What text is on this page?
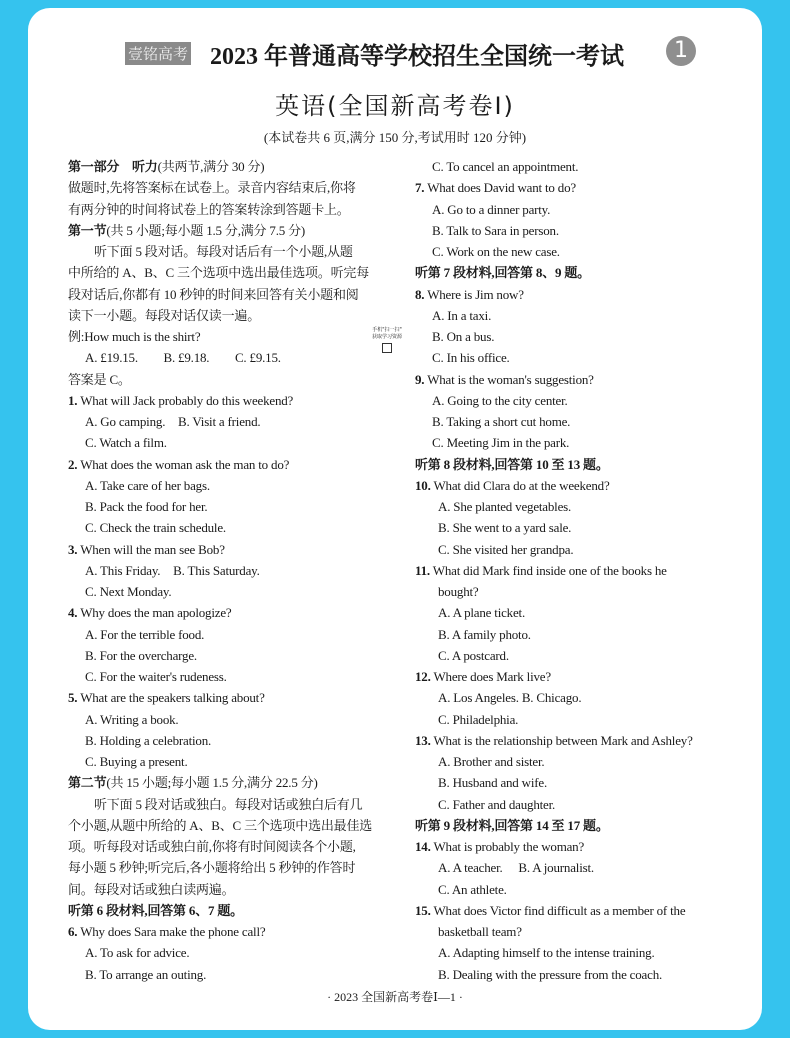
壹铭高考 2023 年普通高等学校招生全国统一考试	1
英语(全国新高考卷Ⅰ)
(本试卷共 6 页,满分 150 分,考试用时 120 分钟)
第一部分　听力(共两节,满分 30 分)
做题时,先将答案标在试卷上。录音内容结束后,你将
有两分钟的时间将试卷上的答案转涂到答题卡上。
第一节(共 5 小题;每小题 1.5 分,满分 7.5 分)
听下面 5 段对话。每段对话后有一个小题,从题
中所给的 A、B、C 三个选项中选出最佳选项。听完每
段对话后,你都有 10 秒钟的时间来回答有关小题和阅
读下一小题。每段对话仅读一遍。
例:How much is the shirt?
A. £19.15.　　B. £9.18.　　C. £9.15.
答案是 C。
1. What will Jack probably do this weekend?
A. Go camping.　B. Visit a friend.
C. Watch a film.
2. What does the woman ask the man to do?
A. Take care of her bags.
B. Pack the food for her.
C. Check the train schedule.
3. When will the man see Bob?
A. This Friday.　B. This Saturday.
C. Next Monday.
4. Why does the man apologize?
A. For the terrible food.
B. For the overcharge.
C. For the waiter's rudeness.
5. What are the speakers talking about?
A. Writing a book.
B. Holding a celebration.
C. Buying a present.
第二节(共 15 小题;每小题 1.5 分,满分 22.5 分)
听下面 5 段对话或独白。每段对话或独白后有几
个小题,从题中所给的 A、B、C 三个选项中选出最佳选
项。听每段对话或独白前,你将有时间阅读各个小题,
每小题 5 秒钟;听完后,各小题将给出 5 秒钟的作答时
间。每段对话或独白读两遍。
听第 6 段材料,回答第 6、7 题。
6. Why does Sara make the phone call?
A. To ask for advice.
B. To arrange an outing.
C. To cancel an appointment.
7. What does David want to do?
A. Go to a dinner party.
B. Talk to Sara in person.
C. Work on the new case.
听第 7 段材料,回答第 8、9 题。
8. Where is Jim now?
A. In a taxi.
B. On a bus.
C. In his office.
9. What is the woman's suggestion?
A. Going to the city center.
B. Taking a short cut home.
C. Meeting Jim in the park.
听第 8 段材料,回答第 10 至 13 题。
10. What did Clara do at the weekend?
A. She planted vegetables.
B. She went to a yard sale.
C. She visited her grandpa.
11. What did Mark find inside one of the books he
bought?
A. A plane ticket.
B. A family photo.
C. A postcard.
12. Where does Mark live?
A. Los Angeles. B. Chicago.
C. Philadelphia.
13. What is the relationship between Mark and Ashley?
A. Brother and sister.
B. Husband and wife.
C. Father and daughter.
听第 9 段材料,回答第 14 至 17 题。
14. What is probably the woman?
A. A teacher.　 B. A journalist.
C. An athlete.
15. What does Victor find difficult as a member of the
basketball team?
A. Adapting himself to the intense training.
B. Dealing with the pressure from the coach.
手机"扫一扫"
获取学习资源
· 2023 全国新高考卷Ⅰ—1 ·
